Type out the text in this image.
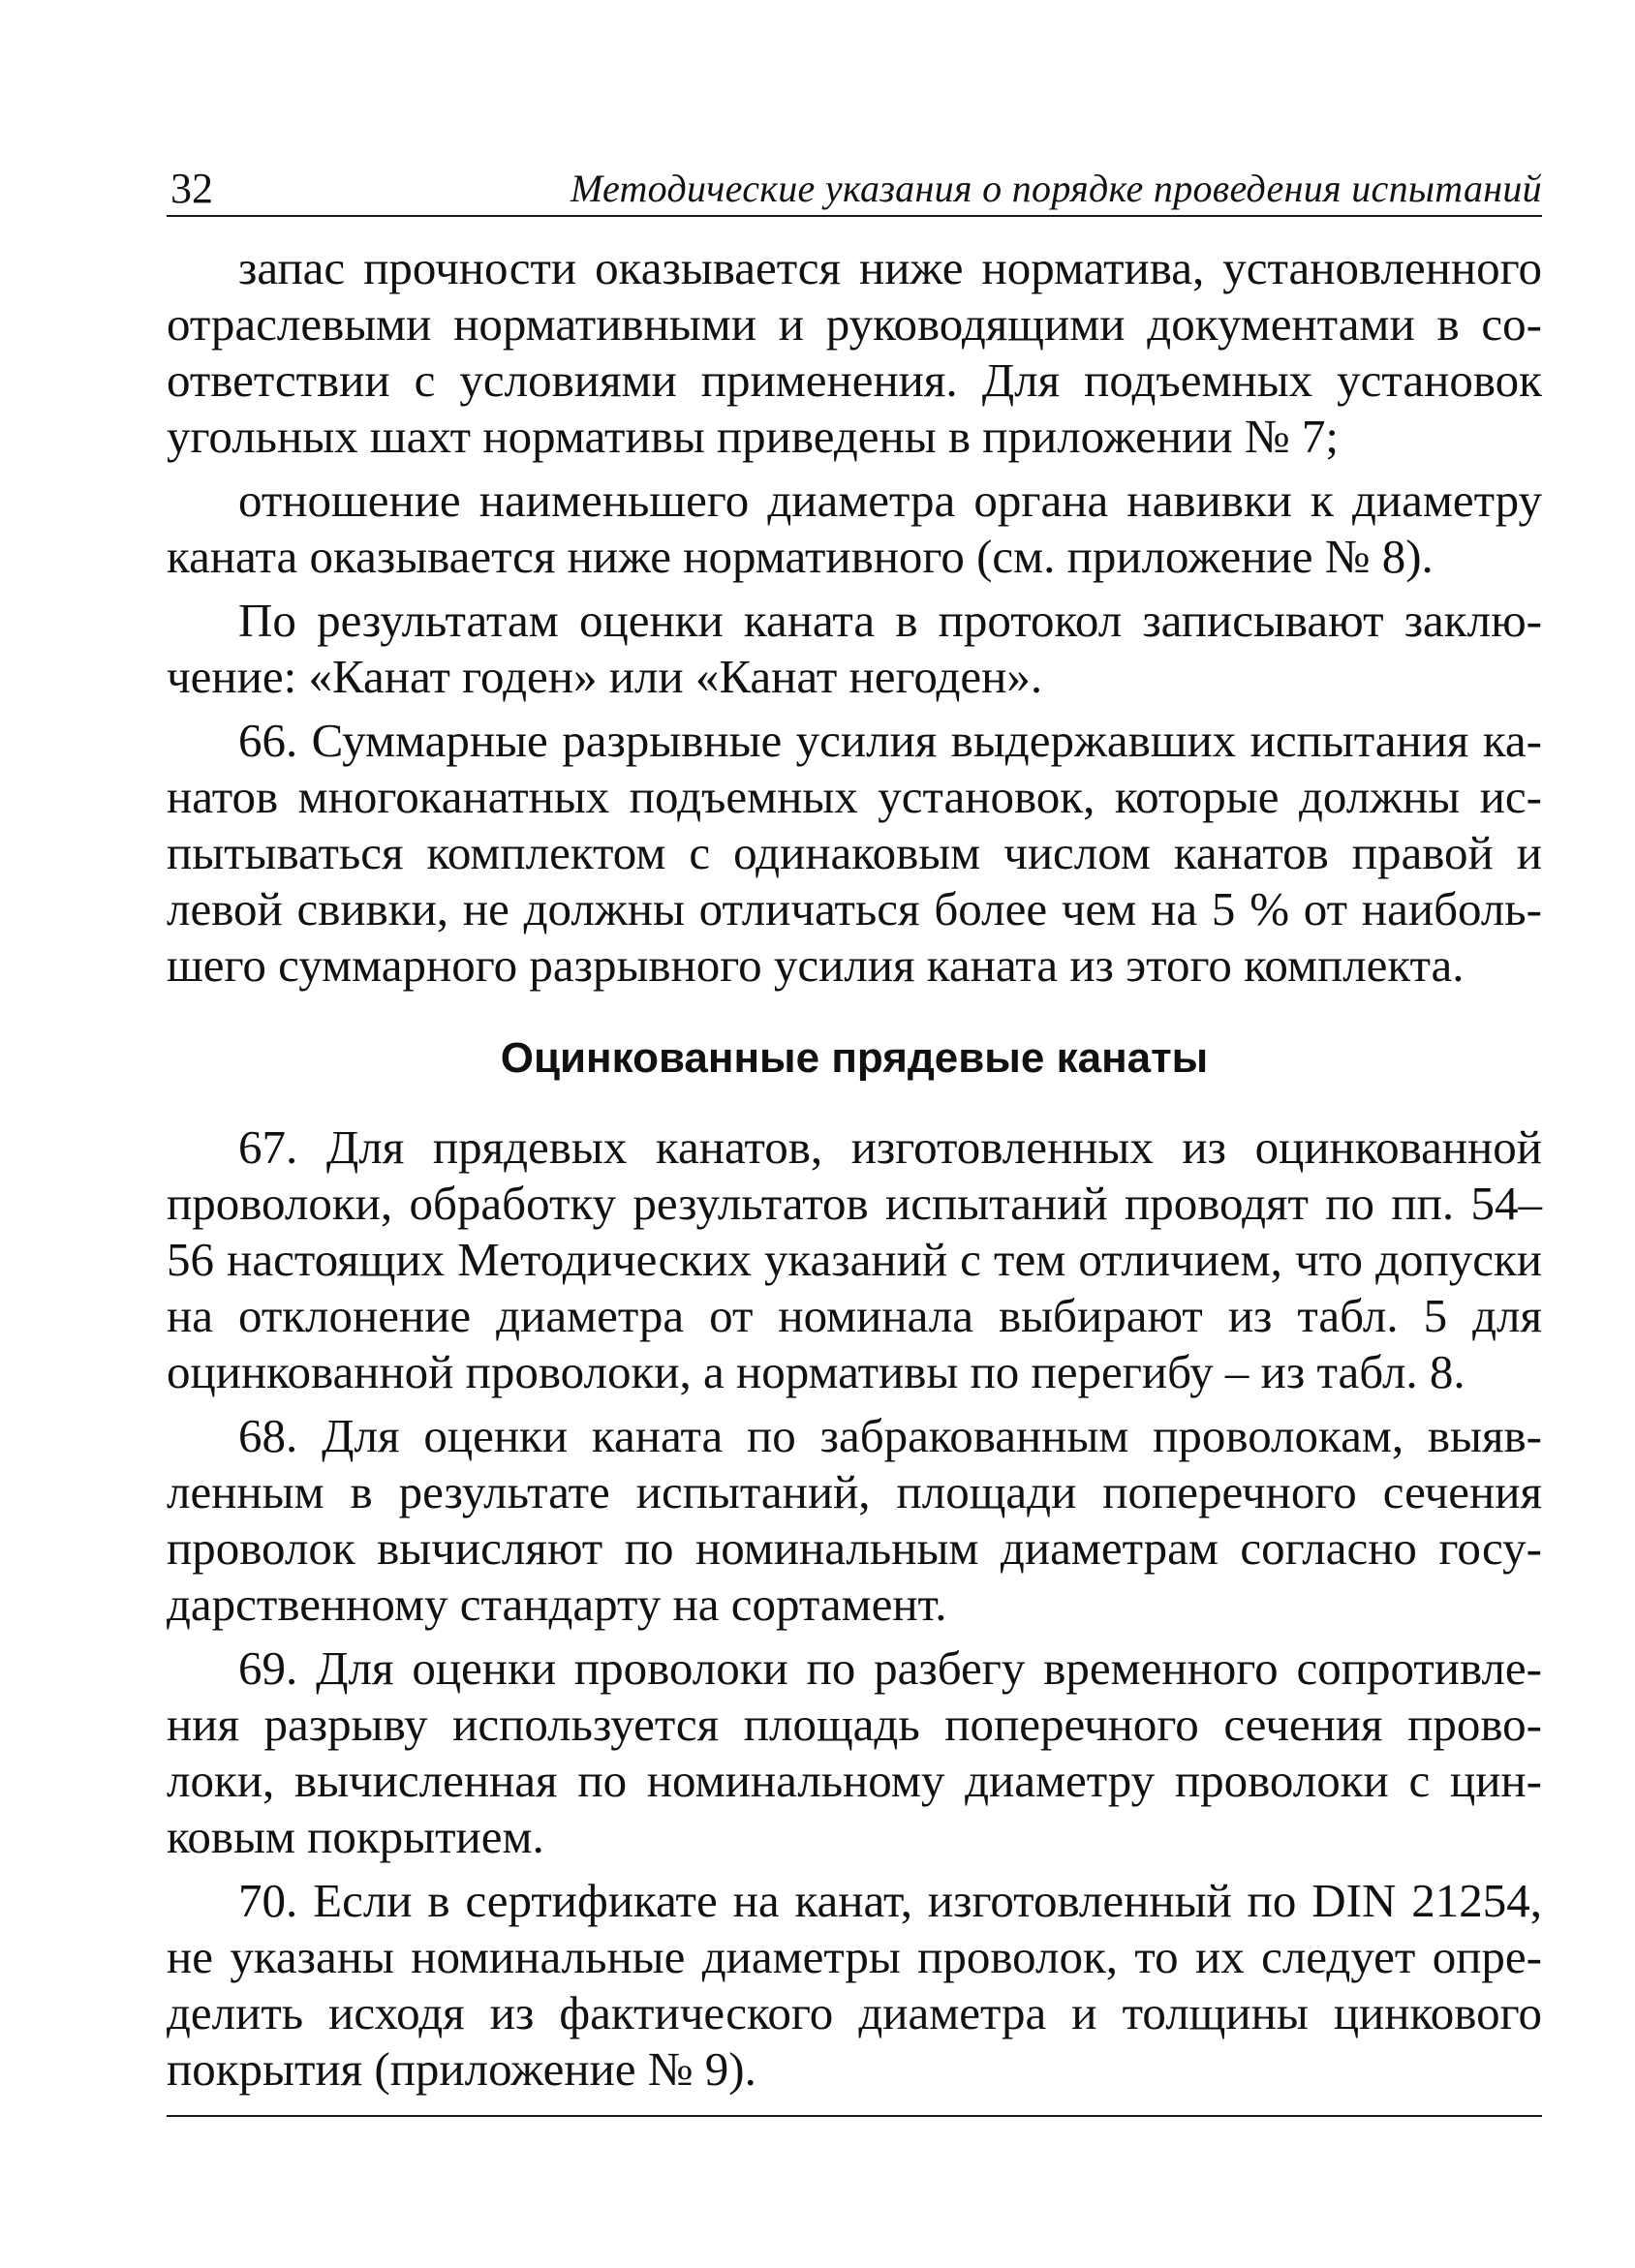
32	Методические указания о порядке проведения испытаний

запас прочности оказывается ниже норматива, установленного отраслевыми нормативными и руководящими документами в соответствии с условиями применения. Для подъемных установок угольных шахт нормативы приведены в приложении № 7;

отношение наименьшего диаметра органа навивки к диаметру каната оказывается ниже нормативного (см. приложение № 8).

По результатам оценки каната в протокол записывают заключение: «Канат годен» или «Канат негоден».

66. Суммарные разрывные усилия выдержавших испытания канатов многоканатных подъемных установок, которые должны испытываться комплектом с одинаковым числом канатов правой и левой свивки, не должны отличаться более чем на 5 % от наибольшего суммарного разрывного усилия каната из этого комплекта.

Оцинкованные прядевые канаты

67. Для прядевых канатов, изготовленных из оцинкованной проволоки, обработку результатов испытаний проводят по пп. 54–56 настоящих Методических указаний с тем отличием, что допуски на отклонение диаметра от номинала выбирают из табл. 5 для оцинкованной проволоки, а нормативы по перегибу – из табл. 8.

68. Для оценки каната по забракованным проволокам, выявленным в результате испытаний, площади поперечного сечения проволок вычисляют по номинальным диаметрам согласно государственному стандарту на сортамент.

69. Для оценки проволоки по разбегу временного сопротивления разрыву используется площадь поперечного сечения проволоки, вычисленная по номинальному диаметру проволоки с цинковым покрытием.

70. Если в сертификате на канат, изготовленный по DIN 21254, не указаны номинальные диаметры проволок, то их следует определить исходя из фактического диаметра и толщины цинкового покрытия (приложение № 9).
